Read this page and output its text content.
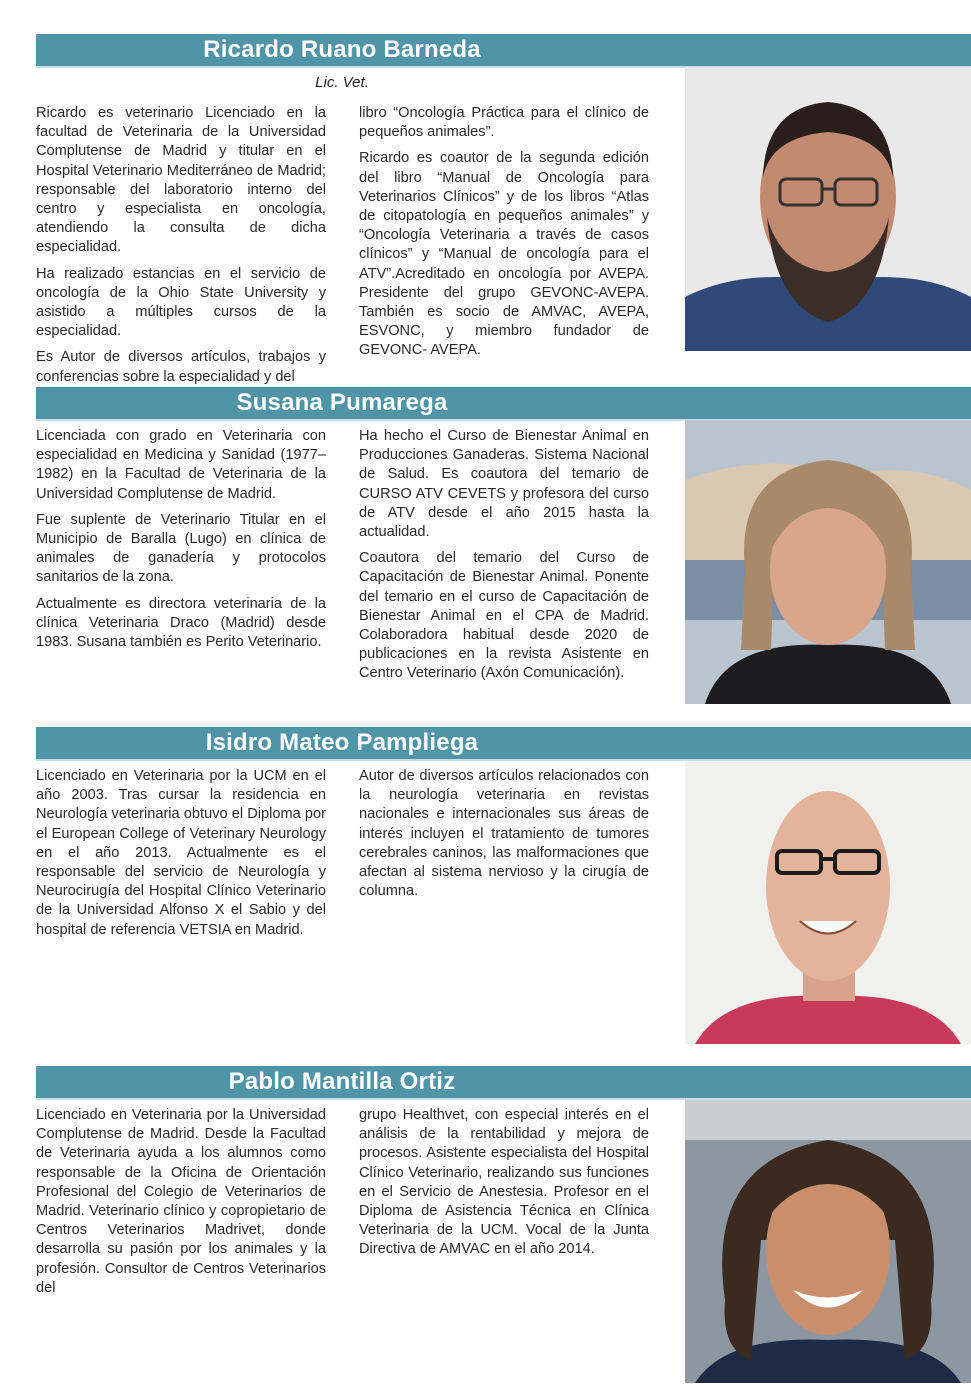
Ricardo Ruano Barneda
Lic. Vet.

Ricardo es veterinario Licenciado en la facultad de Veterinaria de la Universidad Complutense de Madrid y titular en el Hospital Veterinario Mediterráneo de Madrid; responsable del laboratorio interno del centro y especialista en oncología, atendiendo la consulta de dicha especialidad.

Ha realizado estancias en el servicio de oncología de la Ohio State University y asistido a múltiples cursos de la especialidad.

Es Autor de diversos artículos, trabajos y conferencias sobre la especialidad y del

libro “Oncología Práctica para el clínico de pequeños animales”.

Ricardo es coautor de la segunda edición del libro “Manual de Oncología para Veterinarios Clínicos” y de los libros “Atlas de citopatología en pequeños animales” y “Oncología Veterinaria a través de casos clínicos” y “Manual de oncología para el ATV”.Acreditado en oncología por AVEPA. Presidente del grupo GEVONC-AVEPA. También es socio de AMVAC, AVEPA, ESVONC, y miembro fundador de GEVONC- AVEPA.

Susana Pumarega

Licenciada con grado en Veterinaria con especialidad en Medicina y Sanidad (1977–1982) en la Facultad de Veterinaria de la Universidad Complutense de Madrid.

Fue suplente de Veterinario Titular en el Municipio de Baralla (Lugo) en clínica de animales de ganadería y protocolos sanitarios de la zona.

Actualmente es directora veterinaria de la clínica Veterinaria Draco (Madrid) desde 1983. Susana también es Perito Veterinario.

Ha hecho el Curso de Bienestar Animal en Producciones Ganaderas. Sistema Nacional de Salud. Es coautora del temario de CURSO ATV CEVETS y profesora del curso de ATV desde el año 2015 hasta la actualidad.

Coautora del temario del Curso de Capacitación de Bienestar Animal. Ponente del temario en el curso de Capacitación de Bienestar Animal en el CPA de Madrid. Colaboradora habitual desde 2020 de publicaciones en la revista Asistente en Centro Veterinario (Axón Comunicación).

Isidro Mateo Pampliega

Licenciado en Veterinaria por la UCM en el año 2003. Tras cursar la residencia en Neurología veterinaria obtuvo el Diploma por el European College of Veterinary Neurology en el año 2013. Actualmente es el responsable del servicio de Neurología y Neurocirugía del Hospital Clínico Veterinario de la Universidad Alfonso X el Sabio y del hospital de referencia VETSIA en Madrid.

Autor de diversos artículos relacionados con la neurología veterinaria en revistas nacionales e internacionales sus áreas de interés incluyen el tratamiento de tumores cerebrales caninos, las malformaciones que afectan al sistema nervioso y la cirugía de columna.

Pablo Mantilla Ortiz

Licenciado en Veterinaria por la Universidad Complutense de Madrid. Desde la Facultad de Veterinaria ayuda a los alumnos como responsable de la Oficina de Orientación Profesional del Colegio de Veterinarios de Madrid. Veterinario clínico y copropietario de Centros Veterinarios Madrivet, donde desarrolla su pasión por los animales y la profesión. Consultor de Centros Veterinarios del

grupo Healthvet, con especial interés en el análisis de la rentabilidad y mejora de procesos. Asistente especialista del Hospital Clínico Veterinario, realizando sus funciones en el Servicio de Anestesia. Profesor en el Diploma de Asistencia Técnica en Clínica Veterinaria de la UCM. Vocal de la Junta Directiva de AMVAC en el año 2014.
